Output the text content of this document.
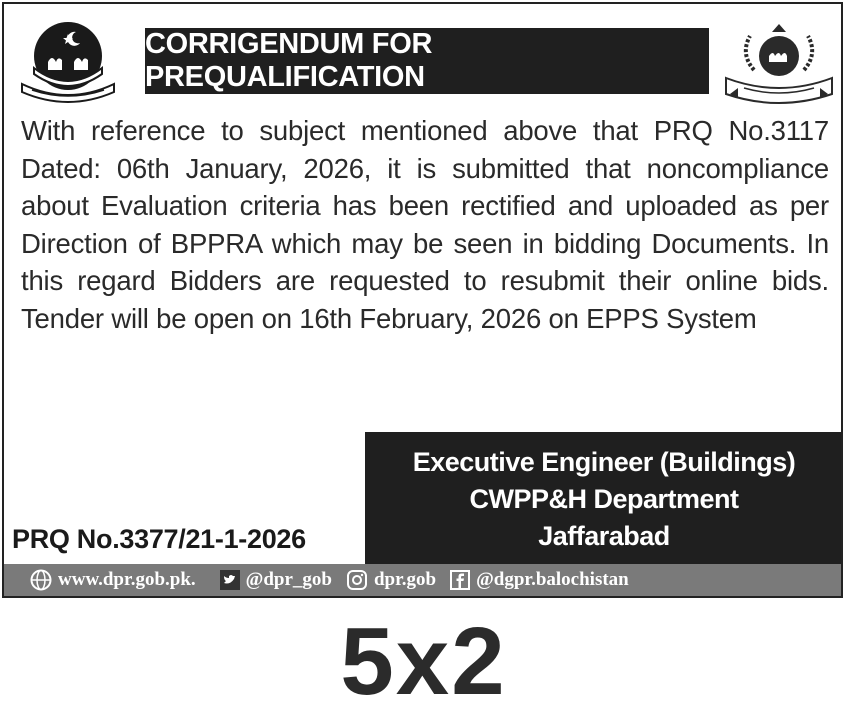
CORRIGENDUM FOR PREQUALIFICATION
With reference to subject mentioned above that PRQ No.3117 Dated: 06th January, 2026, it is submitted that noncompliance about Evaluation criteria has been rectified and uploaded as per Direction of BPPRA which may be seen in bidding Documents. In this regard Bidders are requested to resubmit their online bids. Tender will be open on 16th February, 2026 on EPPS System
Executive Engineer (Buildings)
CWPP&H Department
Jaffarabad
PRQ No.3377/21-1-2026
www.dpr.gob.pk.	@dpr_gob dpr.gob @dgpr.balochistan
5x2
